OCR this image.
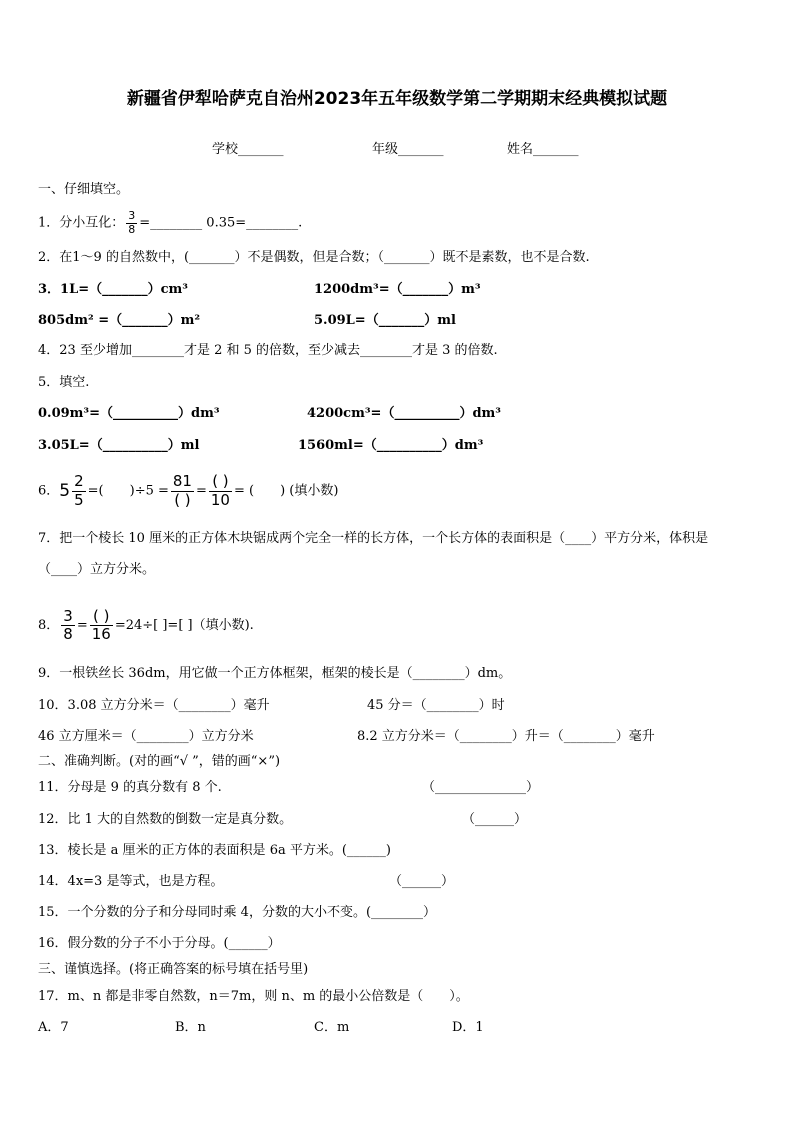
新疆省伊犁哈萨克自治州2023年五年级数学第二学期期末经典模拟试题
学校_______	年级_______	姓名_______
一、仔细填空。
1．分小互化： $\frac{3}{8}$ =________ 0.35=________.
2．在1～9 的自然数中，(_______）不是偶数，但是合数；（_______）既不是素数，也不是合数.
3．1L=（_______）cm³	1200dm³=（_______）m³
805dm² =（_______）m²	5.09L=（_______）ml
4．23 至少增加________才是 2 和 5 的倍数，至少减去________才是 3 的倍数.
5．填空.
0.09m³=（__________）dm³	4200cm³=（__________）dm³
3.05L=（__________）ml	1560ml=（__________）dm³
6．$5 \frac{2}{5}$ =(　　)$\div 5 = \frac{81}{( )} = \frac{( )}{10}$ = (　　) (填小数)
7．把一个棱长 10 厘米的正方体木块锯成两个完全一样的长方体，一个长方体的表面积是（____）平方分米，体积是
（____）立方分米。
8． $\frac{3}{8} = \frac{( )}{16} =24\div$[ ]=[ ]（填小数).
9．一根铁丝长 36dm，用它做一个正方体框架，框架的棱长是（________）dm。
10．3.08 立方分米＝（________）毫升	45 分＝（________）时
46 立方厘米＝（________）立方分米	8.2 立方分米＝（________）升＝（________）毫升
二、准确判断。(对的画“√ ”，错的画“×”)
11．分母是 9 的真分数有 8 个.	（______________）
12．比 1 大的自然数的倒数一定是真分数。	（______）
13．棱长是 a 厘米的正方体的表面积是 6a 平方米。(______)
14．4x=3 是等式，也是方程。	（______）
15．一个分数的分子和分母同时乘 4，分数的大小不变。(________）
16．假分数的分子不小于分母。(______）
三、谨慎选择。(将正确答案的标号填在括号里)
17．m、n 都是非零自然数，n＝7m，则 n、m 的最小公倍数是（　　）。
A．7	B．n	C．m	D．1
